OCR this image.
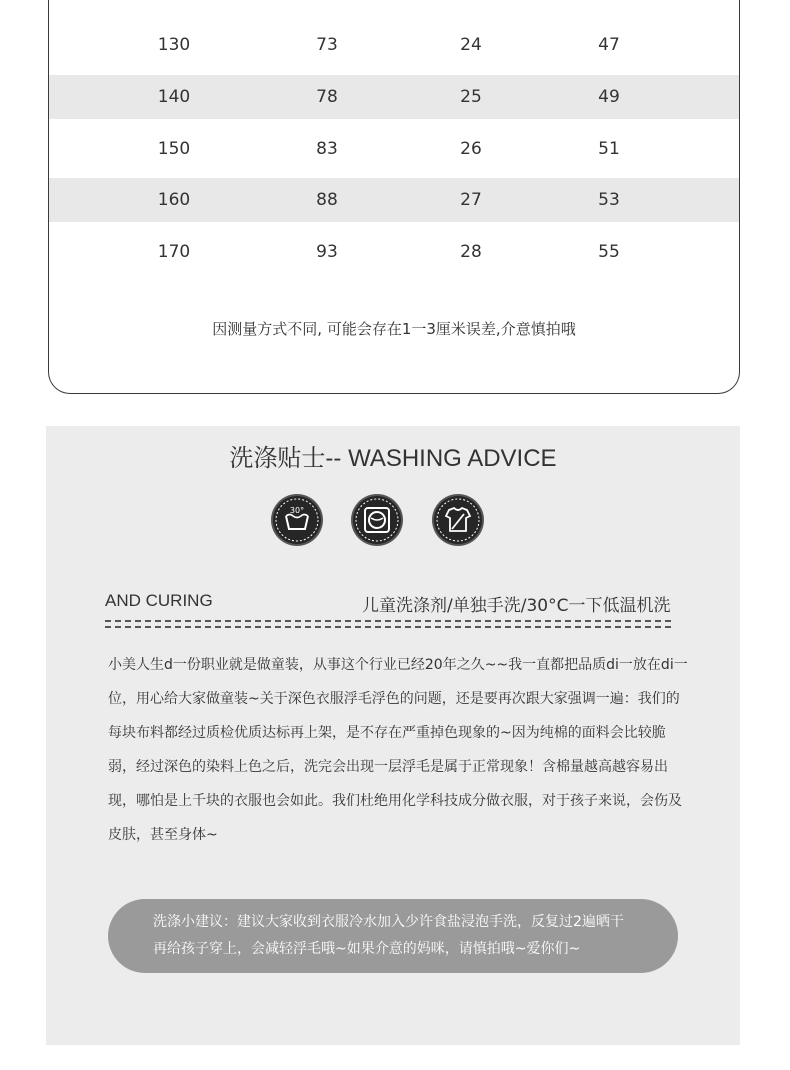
130	73	24	47
140	78	25	49
150	83	26	51
160	88	27	53
170	93	28	55
因测量方式不同, 可能会存在1一3厘米误差,介意慎拍哦
洗涤贴士-- WASHING ADVICE
30°
AND CURING	儿童洗涤剂/单独手洗/30°C一下低温机洗
小美人生d一份职业就是做童装，从事这个行业已经20年之久~~我一直都把品质di一放在di一位，用心给大家做童装~关于深色衣服浮毛浮色的问题，还是要再次跟大家强调一遍：我们的每块布料都经过质检优质达标再上架，是不存在严重掉色现象的~因为纯棉的面料会比较脆弱，经过深色的染料上色之后，洗完会出现一层浮毛是属于正常现象！含棉量越高越容易出现，哪怕是上千块的衣服也会如此。我们杜绝用化学科技成分做衣服，对于孩子来说，会伤及皮肤，甚至身体~
洗涤小建议：建议大家收到衣服冷水加入少许食盐浸泡手洗，反复过2遍晒干再给孩子穿上，会减轻浮毛哦~如果介意的妈咪，请慎拍哦~爱你们~
